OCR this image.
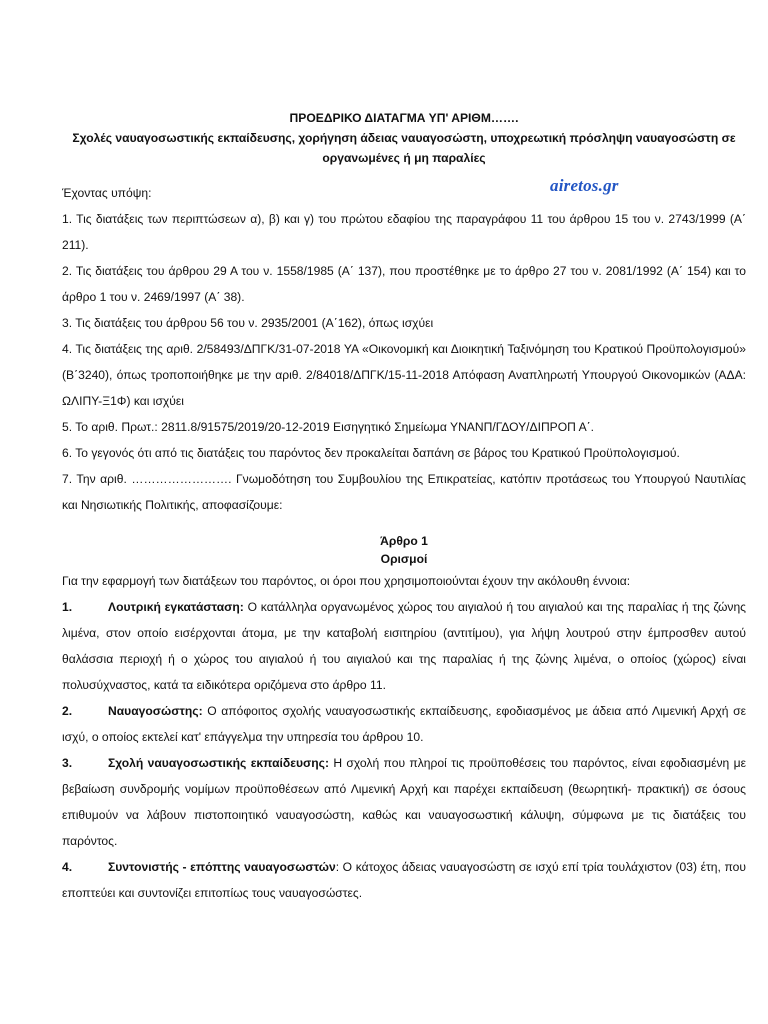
airetos.gr
ΠΡΟΕΔΡΙΚΟ ΔΙΑΤΑΓΜΑ ΥΠ' ΑΡΙΘΜ…….
Σχολές ναυαγοσωστικής εκπαίδευσης, χορήγηση άδειας ναυαγοσώστη, υποχρεωτική πρόσληψη ναυαγοσώστη σε οργανωμένες ή μη παραλίες

Έχοντας υπόψη:

1. Τις διατάξεις των περιπτώσεων α), β) και γ) του πρώτου εδαφίου της παραγράφου 11 του άρθρου 15 του ν. 2743/1999 (Α΄ 211).

2. Τις διατάξεις του άρθρου 29 Α του ν. 1558/1985 (Α΄ 137), που προστέθηκε με το άρθρο 27 του ν. 2081/1992 (Α΄ 154) και το άρθρο 1 του ν. 2469/1997 (Α΄ 38).

3. Τις διατάξεις του άρθρου 56 του ν. 2935/2001 (Α΄162), όπως ισχύει

4. Τις διατάξεις της αριθ. 2/58493/ΔΠΓΚ/31-07-2018 ΥΑ «Οικονομική και Διοικητική Ταξινόμηση του Κρατικού Προϋπολογισμού» (Β΄3240), όπως τροποποιήθηκε με την αριθ. 2/84018/ΔΠΓΚ/15-11-2018 Απόφαση Αναπληρωτή Υπουργού Οικονομικών (ΑΔΑ: ΩΛΙΠΥ-Ξ1Φ) και ισχύει

5. Το αριθ. Πρωτ.: 2811.8/91575/2019/20-12-2019 Εισηγητικό Σημείωμα ΥΝΑΝΠ/ΓΔΟΥ/ΔΙΠΡΟΠ Α΄.

6. Το γεγονός ότι από τις διατάξεις του παρόντος δεν προκαλείται δαπάνη σε βάρος του Κρατικού Προϋπολογισμού.

7. Την αριθ. ……………………. Γνωμοδότηση του Συμβουλίου της Επικρατείας, κατόπιν προτάσεως του Υπουργού Ναυτιλίας και Νησιωτικής Πολιτικής, αποφασίζουμε:

Άρθρο 1
Ορισμοί

Για την εφαρμογή των διατάξεων του παρόντος, οι όροι που χρησιμοποιούνται έχουν την ακόλουθη έννοια:

1.	Λουτρική εγκατάσταση: Ο κατάλληλα οργανωμένος χώρος του αιγιαλού ή του αιγιαλού και της παραλίας ή της ζώνης λιμένα, στον οποίο εισέρχονται άτομα, με την καταβολή εισιτηρίου (αντιτίμου), για λήψη λουτρού στην έμπροσθεν αυτού θαλάσσια περιοχή ή ο χώρος του αιγιαλού ή του αιγιαλού και της παραλίας ή της ζώνης λιμένα, ο οποίος (χώρος) είναι πολυσύχναστος, κατά τα ειδικότερα οριζόμενα στο άρθρο 11.

2.	Ναυαγοσώστης: Ο απόφοιτος σχολής ναυαγοσωστικής εκπαίδευσης, εφοδιασμένος με άδεια από Λιμενική Αρχή σε ισχύ, ο οποίος εκτελεί κατ' επάγγελμα την υπηρεσία του άρθρου 10.

3.	Σχολή ναυαγοσωστικής εκπαίδευσης: Η σχολή που πληροί τις προϋποθέσεις του παρόντος, είναι εφοδιασμένη με βεβαίωση συνδρομής νομίμων προϋποθέσεων από Λιμενική Αρχή και παρέχει εκπαίδευση (θεωρητική- πρακτική) σε όσους επιθυμούν να λάβουν πιστοποιητικό ναυαγοσώστη, καθώς και ναυαγοσωστική κάλυψη, σύμφωνα με τις διατάξεις του παρόντος.

4.	Συντονιστής - επόπτης ναυαγοσωστών: Ο κάτοχος άδειας ναυαγοσώστη σε ισχύ επί τρία τουλάχιστον (03) έτη, που εποπτεύει και συντονίζει επιτοπίως τους ναυαγοσώστες.
